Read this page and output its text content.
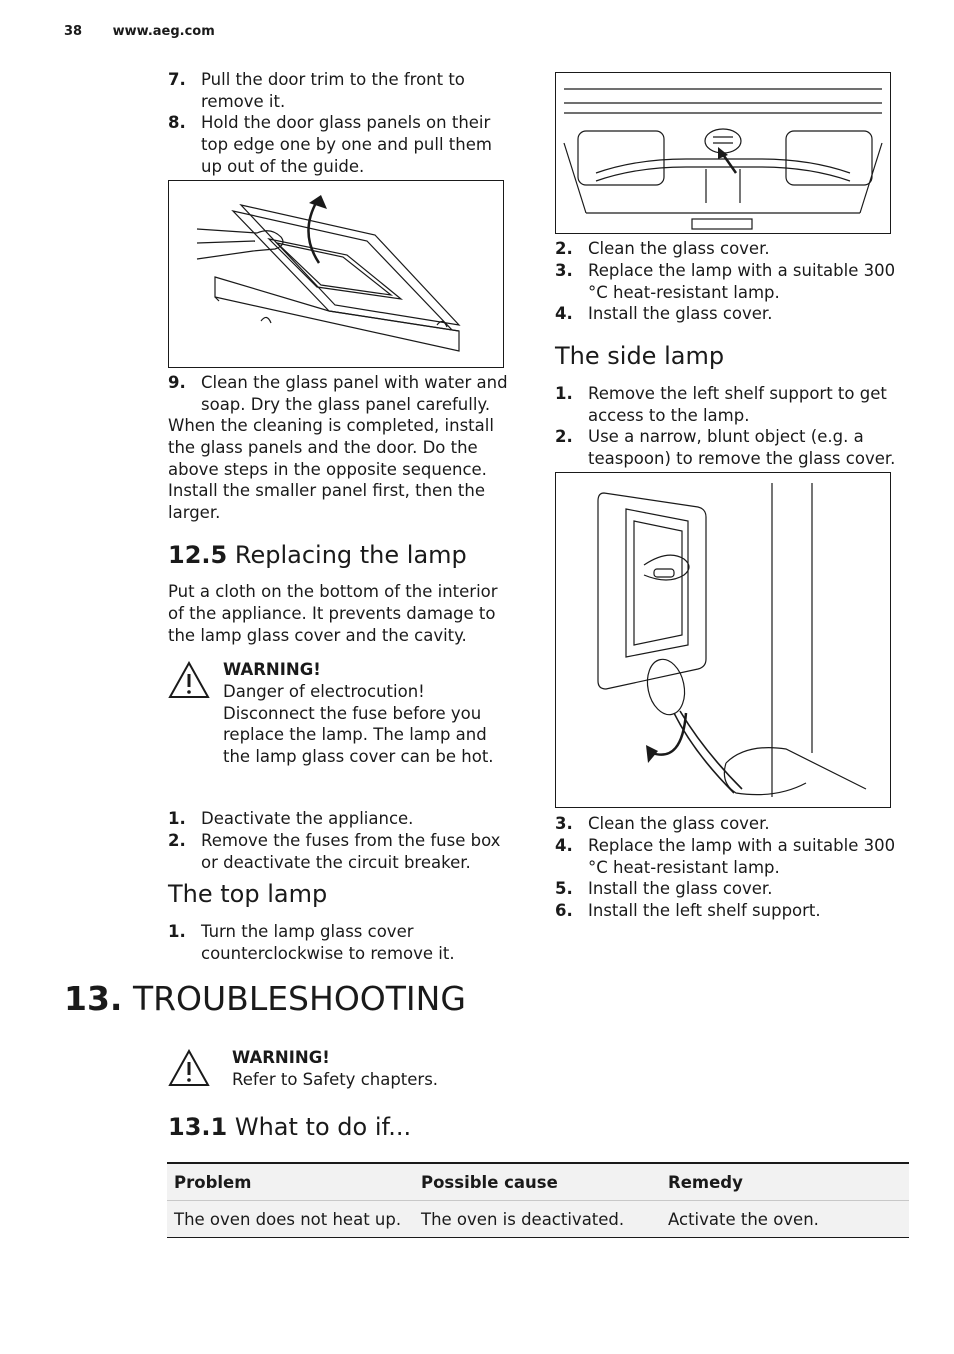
38 www.aeg.com
7. Pull the door trim to the front to remove it.
8. Hold the door glass panels on their top edge one by one and pull them up out of the guide.
9. Clean the glass panel with water and soap. Dry the glass panel carefully.
When the cleaning is completed, install the glass panels and the door. Do the above steps in the opposite sequence. Install the smaller panel first, then the larger.
12.5 Replacing the lamp
Put a cloth on the bottom of the interior of the appliance. It prevents damage to the lamp glass cover and the cavity.
WARNING!
Danger of electrocution! Disconnect the fuse before you replace the lamp. The lamp and the lamp glass cover can be hot.
1. Deactivate the appliance.
2. Remove the fuses from the fuse box or deactivate the circuit breaker.
The top lamp
1. Turn the lamp glass cover counterclockwise to remove it.
2. Clean the glass cover.
3. Replace the lamp with a suitable 300 °C heat-resistant lamp.
4. Install the glass cover.
The side lamp
1. Remove the left shelf support to get access to the lamp.
2. Use a narrow, blunt object (e.g. a teaspoon) to remove the glass cover.
3. Clean the glass cover.
4. Replace the lamp with a suitable 300 °C heat-resistant lamp.
5. Install the glass cover.
6. Install the left shelf support.
13. TROUBLESHOOTING
WARNING!
Refer to Safety chapters.
13.1 What to do if...
Problem	Possible cause	Remedy
The oven does not heat up.	The oven is deactivated.	Activate the oven.
